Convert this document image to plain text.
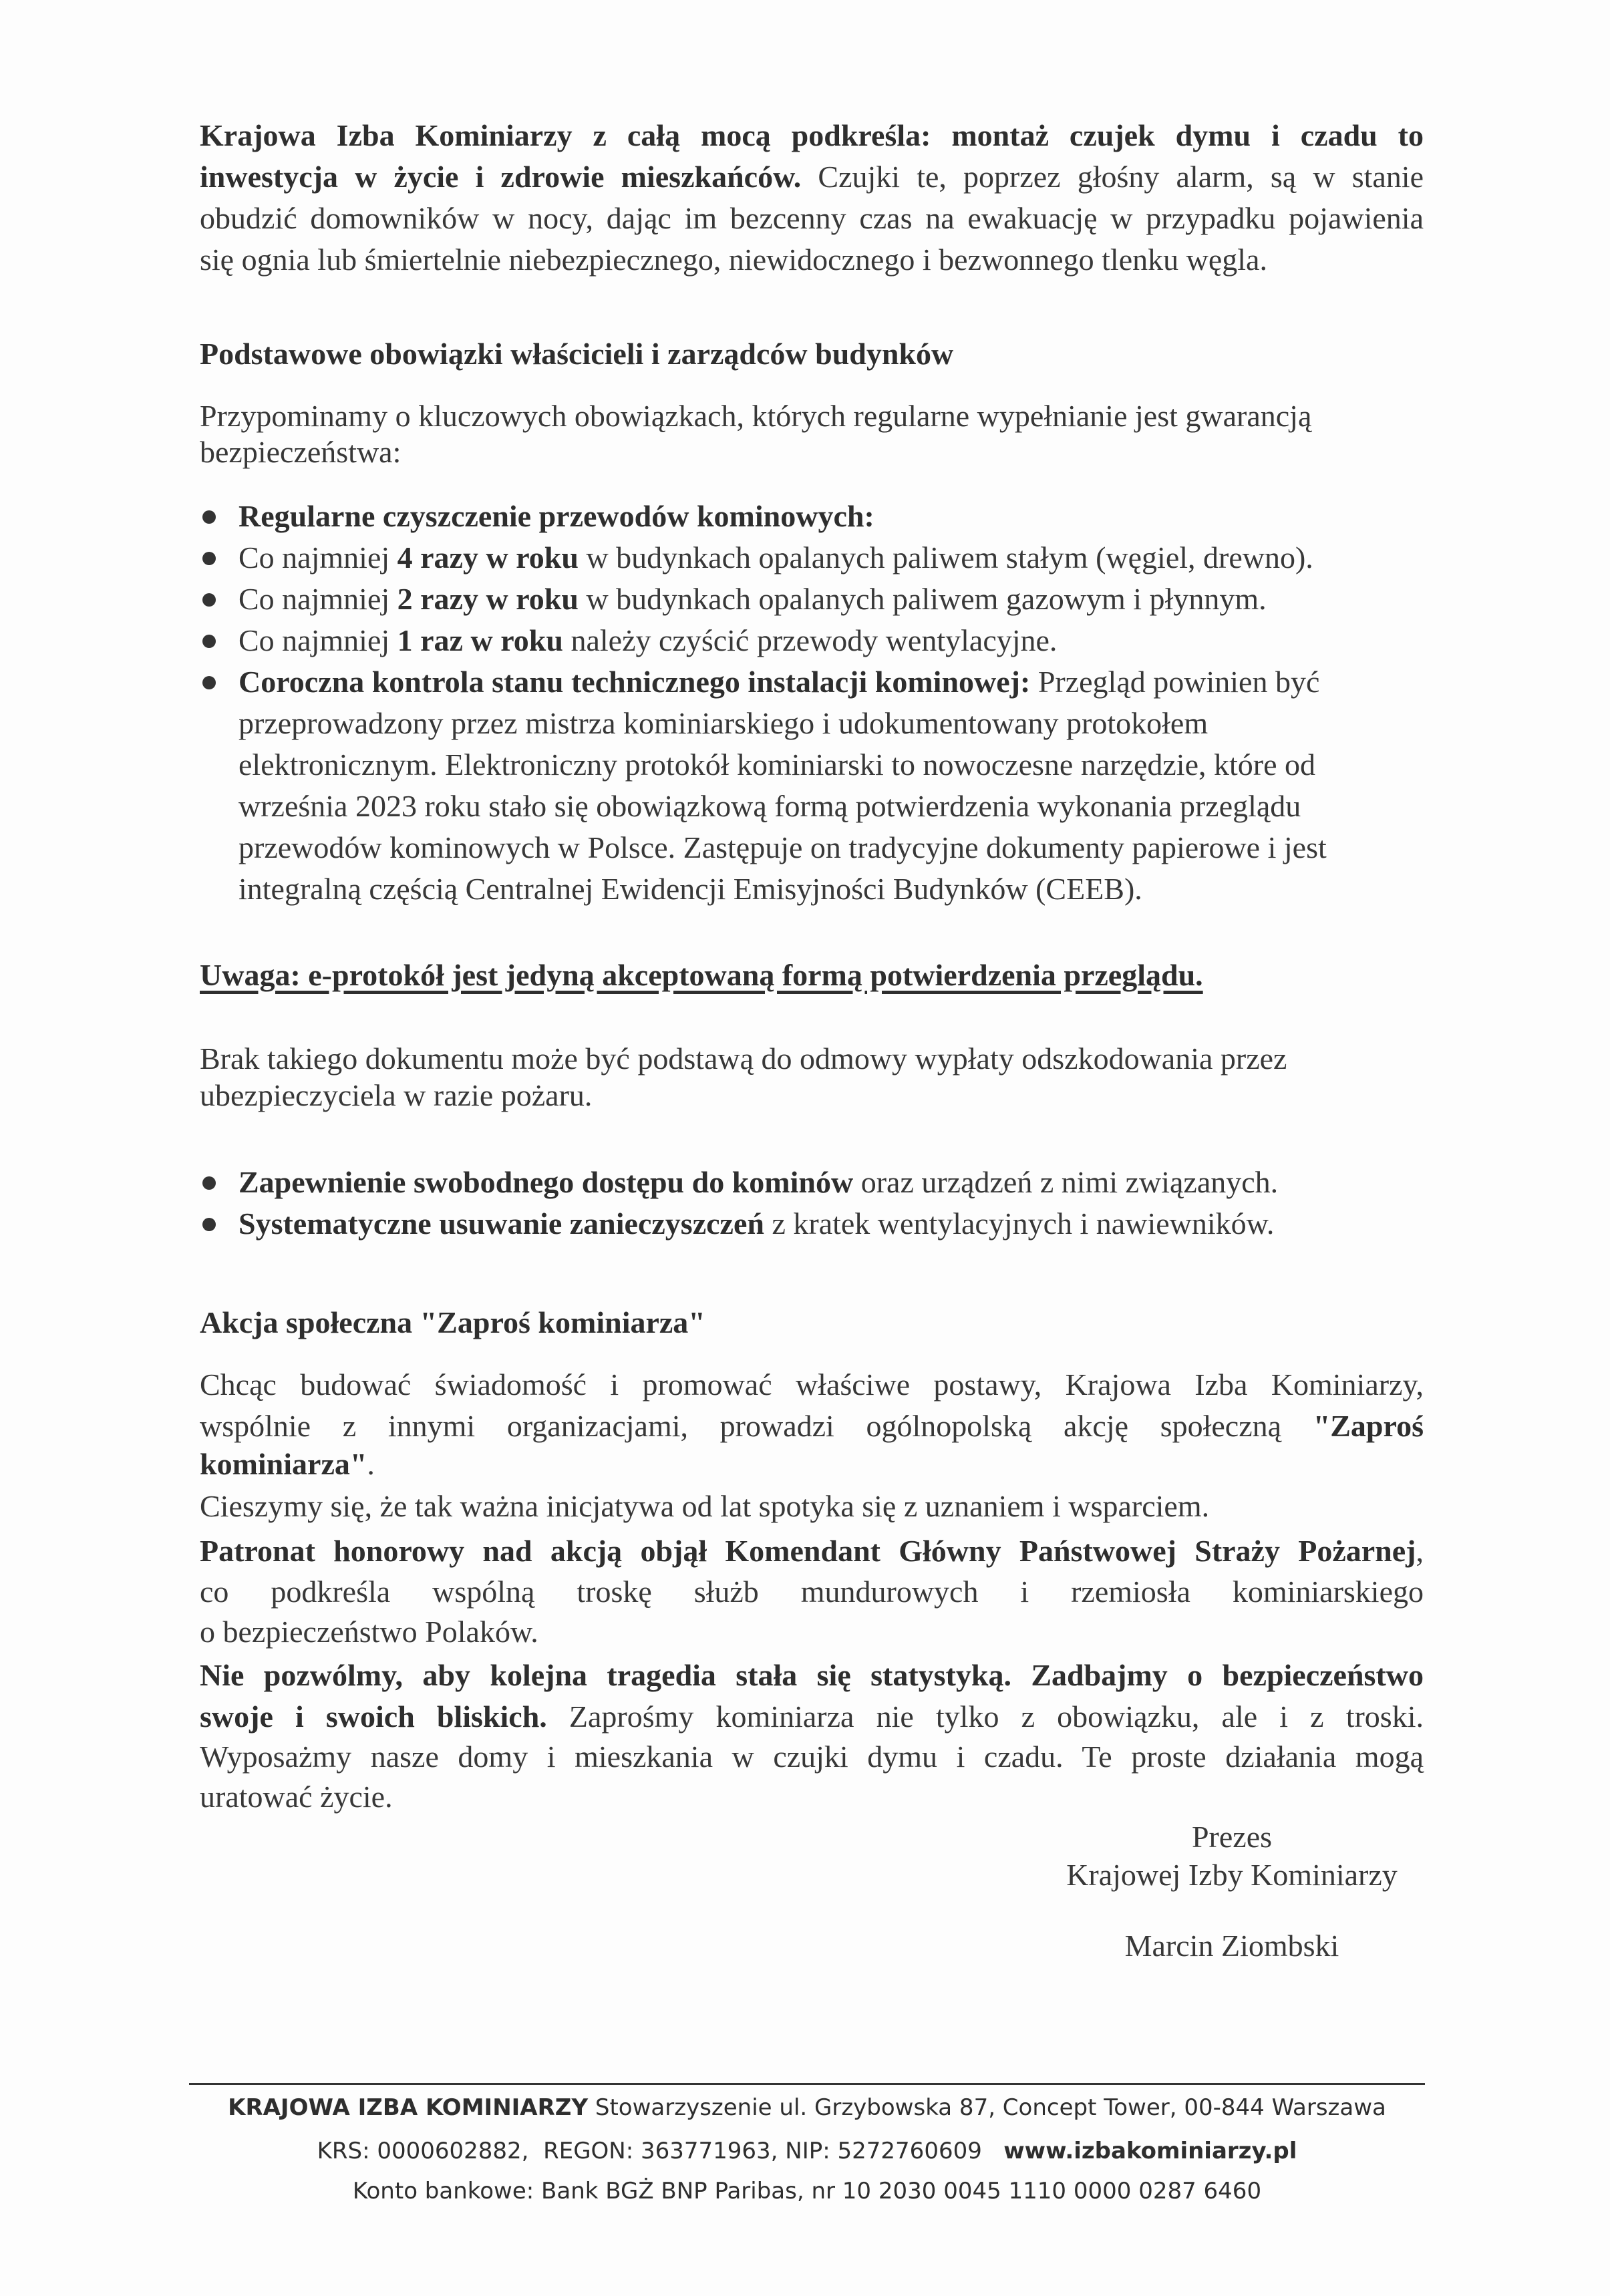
Krajowa Izba Kominiarzy z całą mocą podkreśla: montaż czujek dymu i czadu to
inwestycja w życie i zdrowie mieszkańców. Czujki te, poprzez głośny alarm, są w stanie
obudzić domowników w nocy, dając im bezcenny czas na ewakuację w przypadku pojawienia
się ognia lub śmiertelnie niebezpiecznego, niewidocznego i bezwonnego tlenku węgla.
Podstawowe obowiązki właścicieli i zarządców budynków
Przypominamy o kluczowych obowiązkach, których regularne wypełnianie jest gwarancją
bezpieczeństwa:
Regularne czyszczenie przewodów kominowych:
Co najmniej 4 razy w roku w budynkach opalanych paliwem stałym (węgiel, drewno).
Co najmniej 2 razy w roku w budynkach opalanych paliwem gazowym i płynnym.
Co najmniej 1 raz w roku należy czyścić przewody wentylacyjne.
Coroczna kontrola stanu technicznego instalacji kominowej: Przegląd powinien być
przeprowadzony przez mistrza kominiarskiego i udokumentowany protokołem
elektronicznym. Elektroniczny protokół kominiarski to nowoczesne narzędzie, które od
września 2023 roku stało się obowiązkową formą potwierdzenia wykonania przeglądu
przewodów kominowych w Polsce. Zastępuje on tradycyjne dokumenty papierowe i jest
integralną częścią Centralnej Ewidencji Emisyjności Budynków (CEEB).
Uwaga: e-protokół jest jedyną akceptowaną formą potwierdzenia przeglądu.
Brak takiego dokumentu może być podstawą do odmowy wypłaty odszkodowania przez
ubezpieczyciela w razie pożaru.
Zapewnienie swobodnego dostępu do kominów oraz urządzeń z nimi związanych.
Systematyczne usuwanie zanieczyszczeń z kratek wentylacyjnych i nawiewników.
Akcja społeczna "Zaproś kominiarza"
Chcąc budować świadomość i promować właściwe postawy, Krajowa Izba Kominiarzy,
wspólnie z innymi organizacjami, prowadzi ogólnopolską akcję społeczną "Zaproś
kominiarza".
Cieszymy się, że tak ważna inicjatywa od lat spotyka się z uznaniem i wsparciem.
Patronat honorowy nad akcją objął Komendant Główny Państwowej Straży Pożarnej,
co podkreśla wspólną troskę służb mundurowych i rzemiosła kominiarskiego
o bezpieczeństwo Polaków.
Nie pozwólmy, aby kolejna tragedia stała się statystyką. Zadbajmy o bezpieczeństwo
swoje i swoich bliskich. Zaprośmy kominiarza nie tylko z obowiązku, ale i z troski.
Wyposażmy nasze domy i mieszkania w czujki dymu i czadu. Te proste działania mogą
uratować życie.
Prezes
Krajowej Izby Kominiarzy
Marcin Ziombski
KRAJOWA IZBA KOMINIARZY Stowarzyszenie ul. Grzybowska 87, Concept Tower, 00-844 Warszawa
KRS: 0000602882,  REGON: 363771963, NIP: 5272760609   www.izbakominiarzy.pl
Konto bankowe: Bank BGŻ BNP Paribas, nr 10 2030 0045 1110 0000 0287 6460
